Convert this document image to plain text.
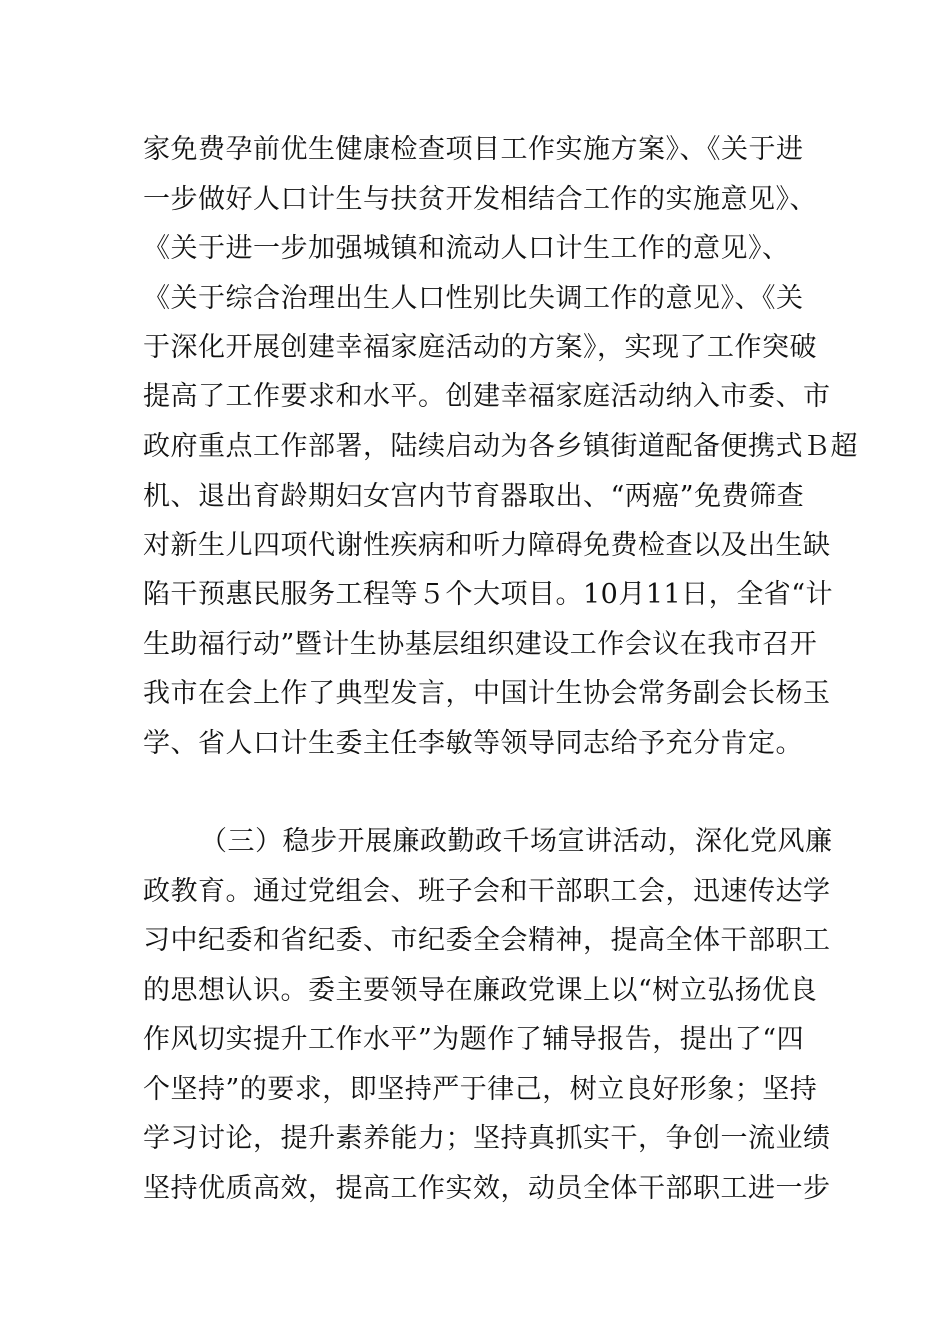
家免费孕前优生健康检查项目工作实施方案》、《关于进
一步做好人口计生与扶贫开发相结合工作的实施意见》、
《关于进一步加强城镇和流动人口计生工作的意见》、
《关于综合治理出生人口性别比失调工作的意见》、《关
于深化开展创建幸福家庭活动的方案》，实现了工作突破
提高了工作要求和水平。创建幸福家庭活动纳入市委、市
政府重点工作部署，陆续启动为各乡镇街道配备便携式Ｂ超
机、退出育龄期妇女宫内节育器取出、“两癌”免费筛查
对新生儿四项代谢性疾病和听力障碍免费检查以及出生缺
陷干预惠民服务工程等５个大项目。10月11日，全省“计
生助福行动”暨计生协基层组织建设工作会议在我市召开
我市在会上作了典型发言，中国计生协会常务副会长杨玉
学、省人口计生委主任李敏等领导同志给予充分肯定。
（三）稳步开展廉政勤政千场宣讲活动，深化党风廉
政教育。通过党组会、班子会和干部职工会，迅速传达学
习中纪委和省纪委、市纪委全会精神，提高全体干部职工
的思想认识。委主要领导在廉政党课上以“树立弘扬优良
作风切实提升工作水平”为题作了辅导报告，提出了“四
个坚持”的要求，即坚持严于律己，树立良好形象；坚持
学习讨论，提升素养能力；坚持真抓实干，争创一流业绩
坚持优质高效，提高工作实效，动员全体干部职工进一步
